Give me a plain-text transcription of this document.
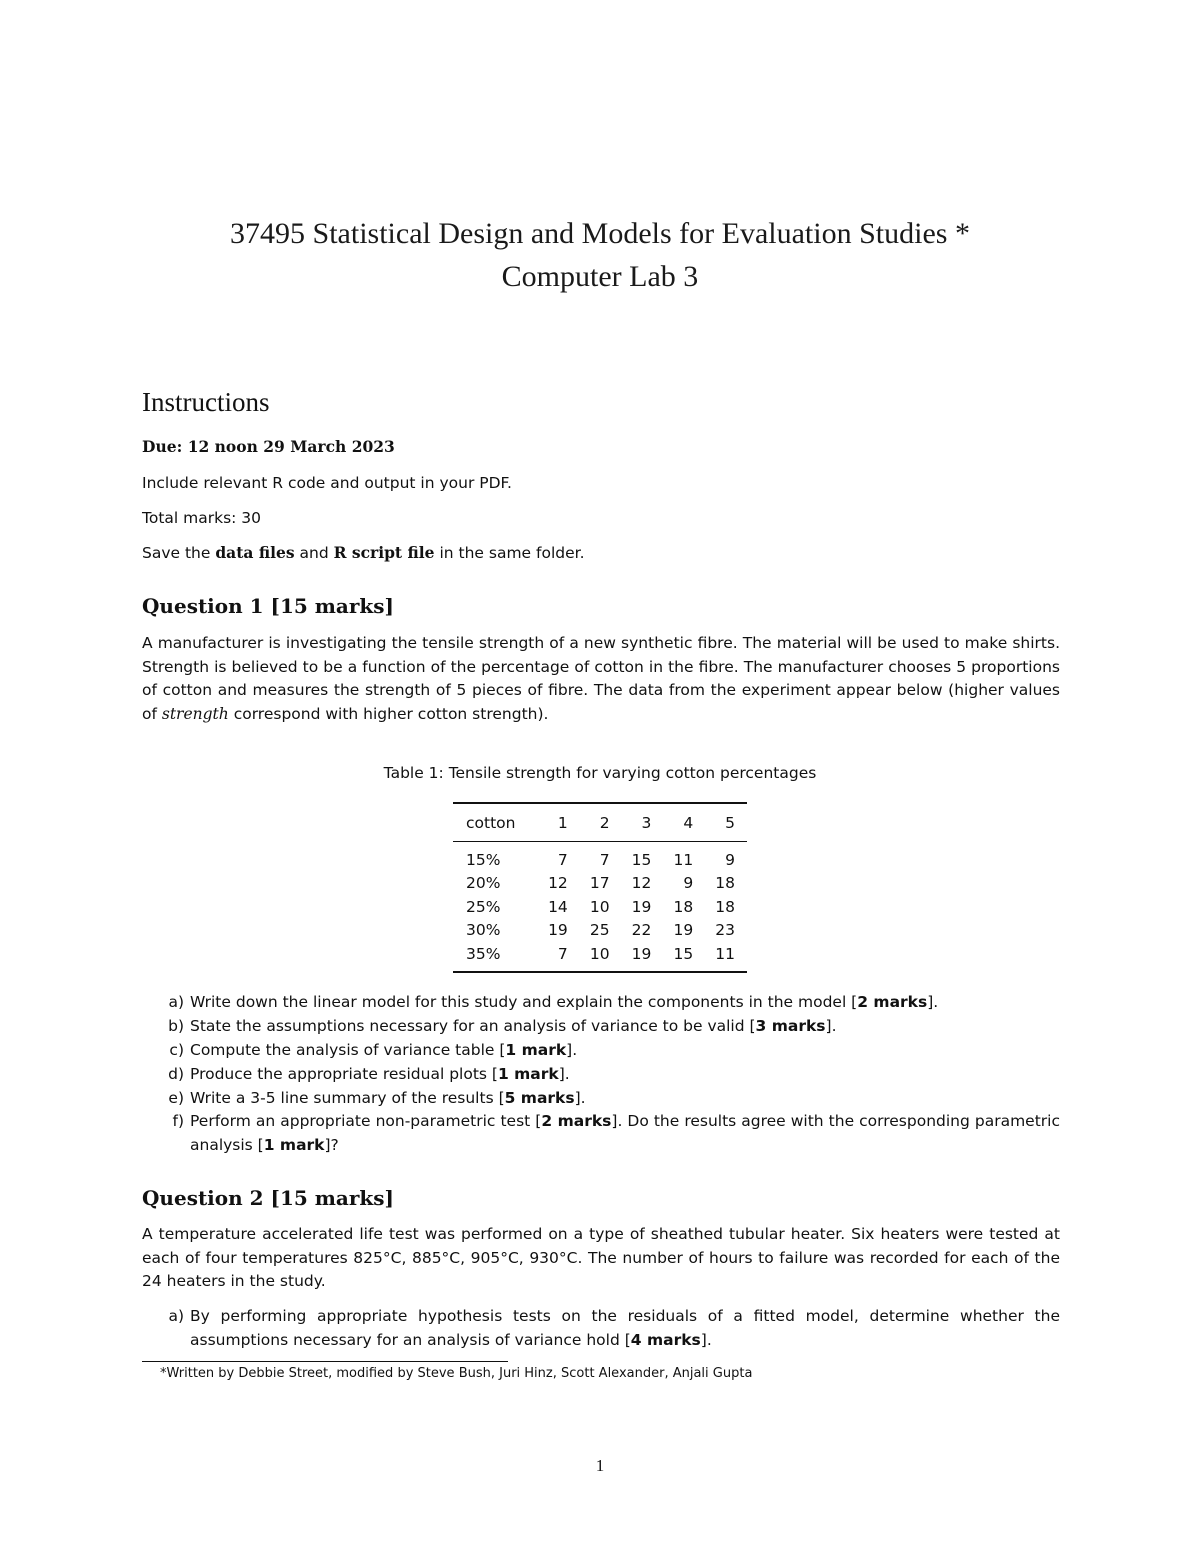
37495 Statistical Design and Models for Evaluation Studies *
Computer Lab 3
Instructions
Due: 12 noon 29 March 2023
Include relevant R code and output in your PDF.
Total marks: 30
Save the data files and R script file in the same folder.
Question 1 [15 marks]
A manufacturer is investigating the tensile strength of a new synthetic fibre. The material will be used to make shirts. Strength is believed to be a function of the percentage of cotton in the fibre. The manufacturer chooses 5 proportions of cotton and measures the strength of 5 pieces of fibre. The data from the experiment appear below (higher values of strength correspond with higher cotton strength).
Table 1: Tensile strength for varying cotton percentages
cotton	1	2	3	4	5
15%	7	7	15	11	9
20%	12	17	12	9	18
25%	14	10	19	18	18
30%	19	25	22	19	23
35%	7	10	19	15	11
a) Write down the linear model for this study and explain the components in the model [2 marks].
b) State the assumptions necessary for an analysis of variance to be valid [3 marks].
c) Compute the analysis of variance table [1 mark].
d) Produce the appropriate residual plots [1 mark].
e) Write a 3-5 line summary of the results [5 marks].
f) Perform an appropriate non-parametric test [2 marks]. Do the results agree with the corresponding parametric analysis [1 mark]?
Question 2 [15 marks]
A temperature accelerated life test was performed on a type of sheathed tubular heater. Six heaters were tested at each of four temperatures 825°C, 885°C, 905°C, 930°C. The number of hours to failure was recorded for each of the 24 heaters in the study.
a) By performing appropriate hypothesis tests on the residuals of a fitted model, determine whether the assumptions necessary for an analysis of variance hold [4 marks].
*Written by Debbie Street, modified by Steve Bush, Juri Hinz, Scott Alexander, Anjali Gupta
1
